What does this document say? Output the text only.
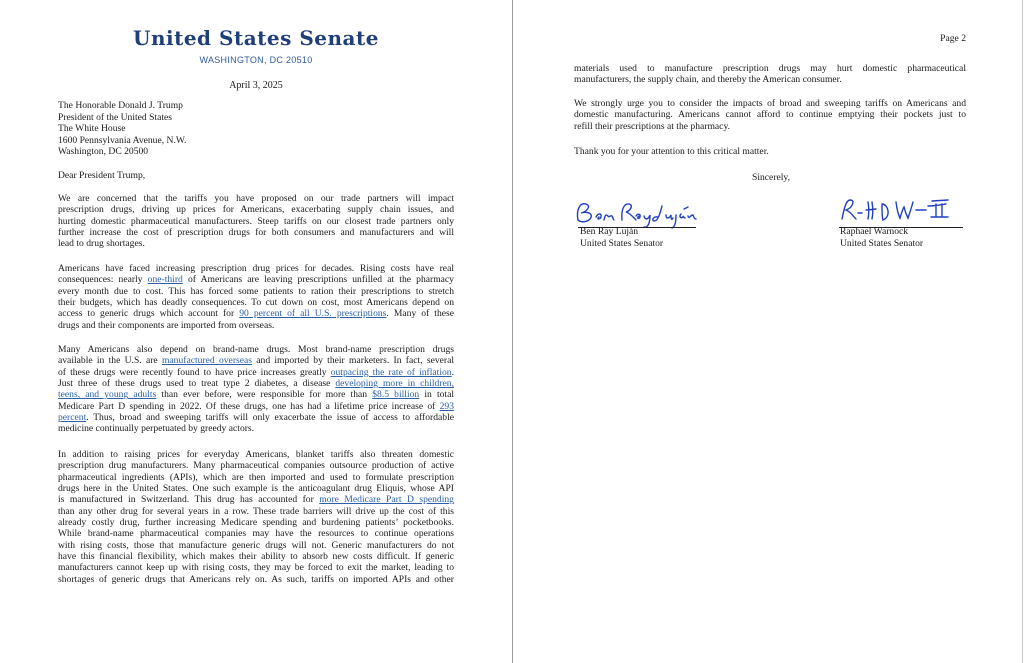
United States Senate
WASHINGTON, DC 20510
April 3, 2025
The Honorable Donald J. Trump
President of the United States
The White House
1600 Pennsylvania Avenue, N.W.
Washington, DC 20500
Dear President Trump,
We are concerned that the tariffs you have proposed on our trade partners will impact
prescription drugs, driving up prices for Americans, exacerbating supply chain issues, and
hurting domestic pharmaceutical manufacturers. Steep tariffs on our closest trade partners only
further increase the cost of prescription drugs for both consumers and manufacturers and will
lead to drug shortages.
Americans have faced increasing prescription drug prices for decades. Rising costs have real
consequences: nearly one-third of Americans are leaving prescriptions unfilled at the pharmacy
every month due to cost. This has forced some patients to ration their prescriptions to stretch
their budgets, which has deadly consequences. To cut down on cost, most Americans depend on
access to generic drugs which account for 90 percent of all U.S. prescriptions. Many of these
drugs and their components are imported from overseas.
Many Americans also depend on brand-name drugs. Most brand-name prescription drugs
available in the U.S. are manufactured overseas and imported by their marketers. In fact, several
of these drugs were recently found to have price increases greatly outpacing the rate of inflation.
Just three of these drugs used to treat type 2 diabetes, a disease developing more in children,
teens, and young adults than ever before, were responsible for more than $8.5 billion in total
Medicare Part D spending in 2022. Of these drugs, one has had a lifetime price increase of 293
percent. Thus, broad and sweeping tariffs will only exacerbate the issue of access to affordable
medicine continually perpetuated by greedy actors.
In addition to raising prices for everyday Americans, blanket tariffs also threaten domestic
prescription drug manufacturers. Many pharmaceutical companies outsource production of active
pharmaceutical ingredients (APIs), which are then imported and used to formulate prescription
drugs here in the United States. One such example is the anticoagulant drug Eliquis, whose API
is manufactured in Switzerland. This drug has accounted for more Medicare Part D spending
than any other drug for several years in a row. These trade barriers will drive up the cost of this
already costly drug, further increasing Medicare spending and burdening patients’ pocketbooks.
While brand-name pharmaceutical companies may have the resources to continue operations
with rising costs, those that manufacture generic drugs will not. Generic manufacturers do not
have this financial flexibility, which makes their ability to absorb new costs difficult. If generic
manufacturers cannot keep up with rising costs, they may be forced to exit the market, leading to
shortages of generic drugs that Americans rely on. As such, tariffs on imported APIs and other
Page 2
materials used to manufacture prescription drugs may hurt domestic pharmaceutical
manufacturers, the supply chain, and thereby the American consumer.
We strongly urge you to consider the impacts of broad and sweeping tariffs on Americans and
domestic manufacturing. Americans cannot afford to continue emptying their pockets just to
refill their prescriptions at the pharmacy.
Thank you for your attention to this critical matter.
Sincerely,
Ben Ray Luján
United States Senator
Raphael Warnock
United States Senator
